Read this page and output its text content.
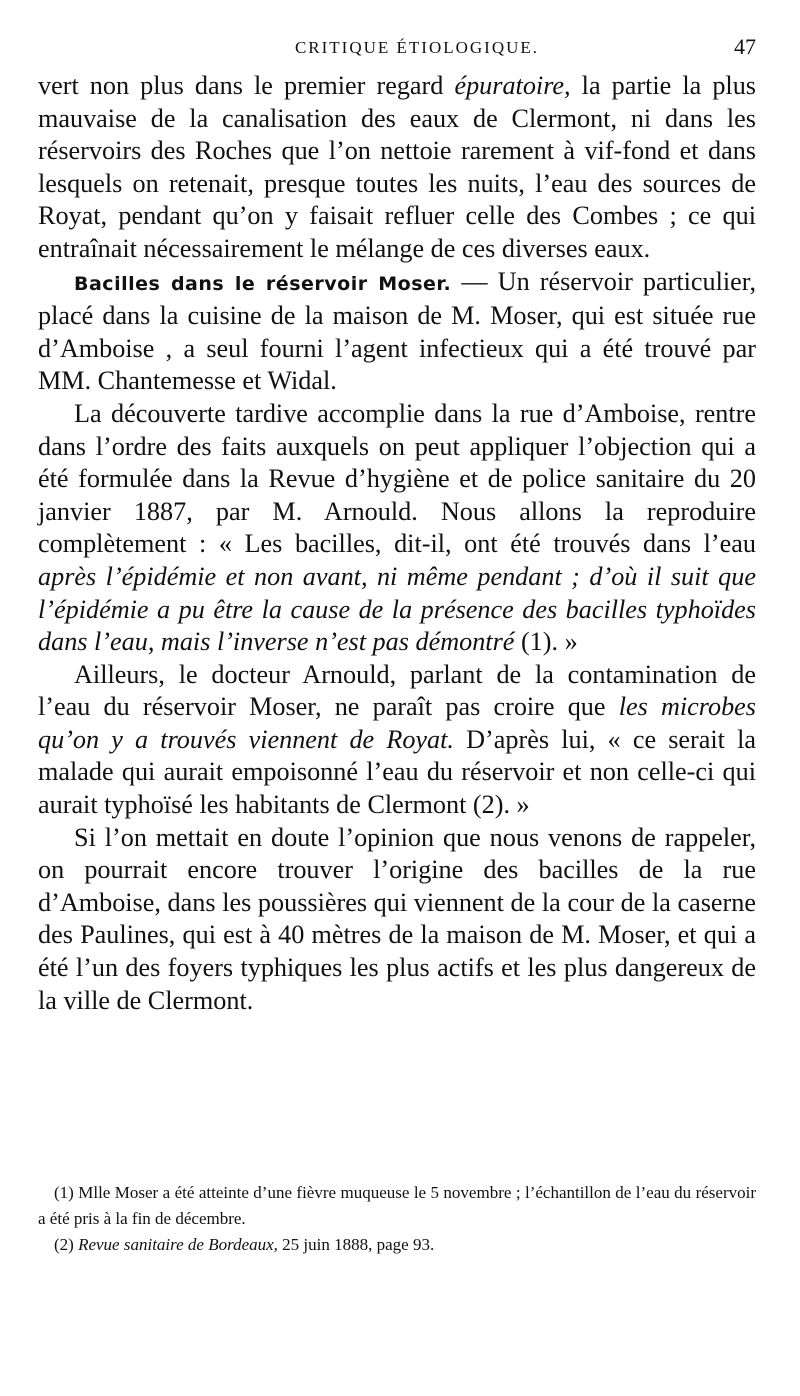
CRITIQUE ÉTIOLOGIQUE.	47

vert non plus dans le premier regard épuratoire, la partie la plus mauvaise de la canalisation des eaux de Clermont, ni dans les réservoirs des Roches que l’on nettoie rarement à vif-fond et dans lesquels on retenait, presque toutes les nuits, l’eau des sources de Royat, pendant qu’on y faisait refluer celle des Combes ; ce qui entraînait nécessairement le mélange de ces diverses eaux.

Bacilles dans le réservoir Moser. — Un réservoir particulier, placé dans la cuisine de la maison de M. Moser, qui est située rue d’Amboise , a seul fourni l’agent infectieux qui a été trouvé par MM. Chantemesse et Widal.

La découverte tardive accomplie dans la rue d’Amboise, rentre dans l’ordre des faits auxquels on peut appliquer l’objection qui a été formulée dans la Revue d’hygiène et de police sanitaire du 20 janvier 1887, par M. Arnould. Nous allons la reproduire complètement : « Les bacilles, dit-il, ont été trouvés dans l’eau après l’épidémie et non avant, ni même pendant ; d’où il suit que l’épidémie a pu être la cause de la présence des bacilles typhoïdes dans l’eau, mais l’inverse n’est pas démontré (1). »

Ailleurs, le docteur Arnould, parlant de la contamination de l’eau du réservoir Moser, ne paraît pas croire que les microbes qu’on y a trouvés viennent de Royat. D’après lui, « ce serait la malade qui aurait empoisonné l’eau du réservoir et non celle-ci qui aurait typhoïsé les habitants de Clermont (2). »

Si l’on mettait en doute l’opinion que nous venons de rappeler, on pourrait encore trouver l’origine des bacilles de la rue d’Amboise, dans les poussières qui viennent de la cour de la caserne des Paulines, qui est à 40 mètres de la maison de M. Moser, et qui a été l’un des foyers typhiques les plus actifs et les plus dangereux de la ville de Clermont.

(1) Mlle Moser a été atteinte d’une fièvre muqueuse le 5 novembre ; l’échantillon de l’eau du réservoir a été pris à la fin de décembre.

(2) Revue sanitaire de Bordeaux, 25 juin 1888, page 93.
